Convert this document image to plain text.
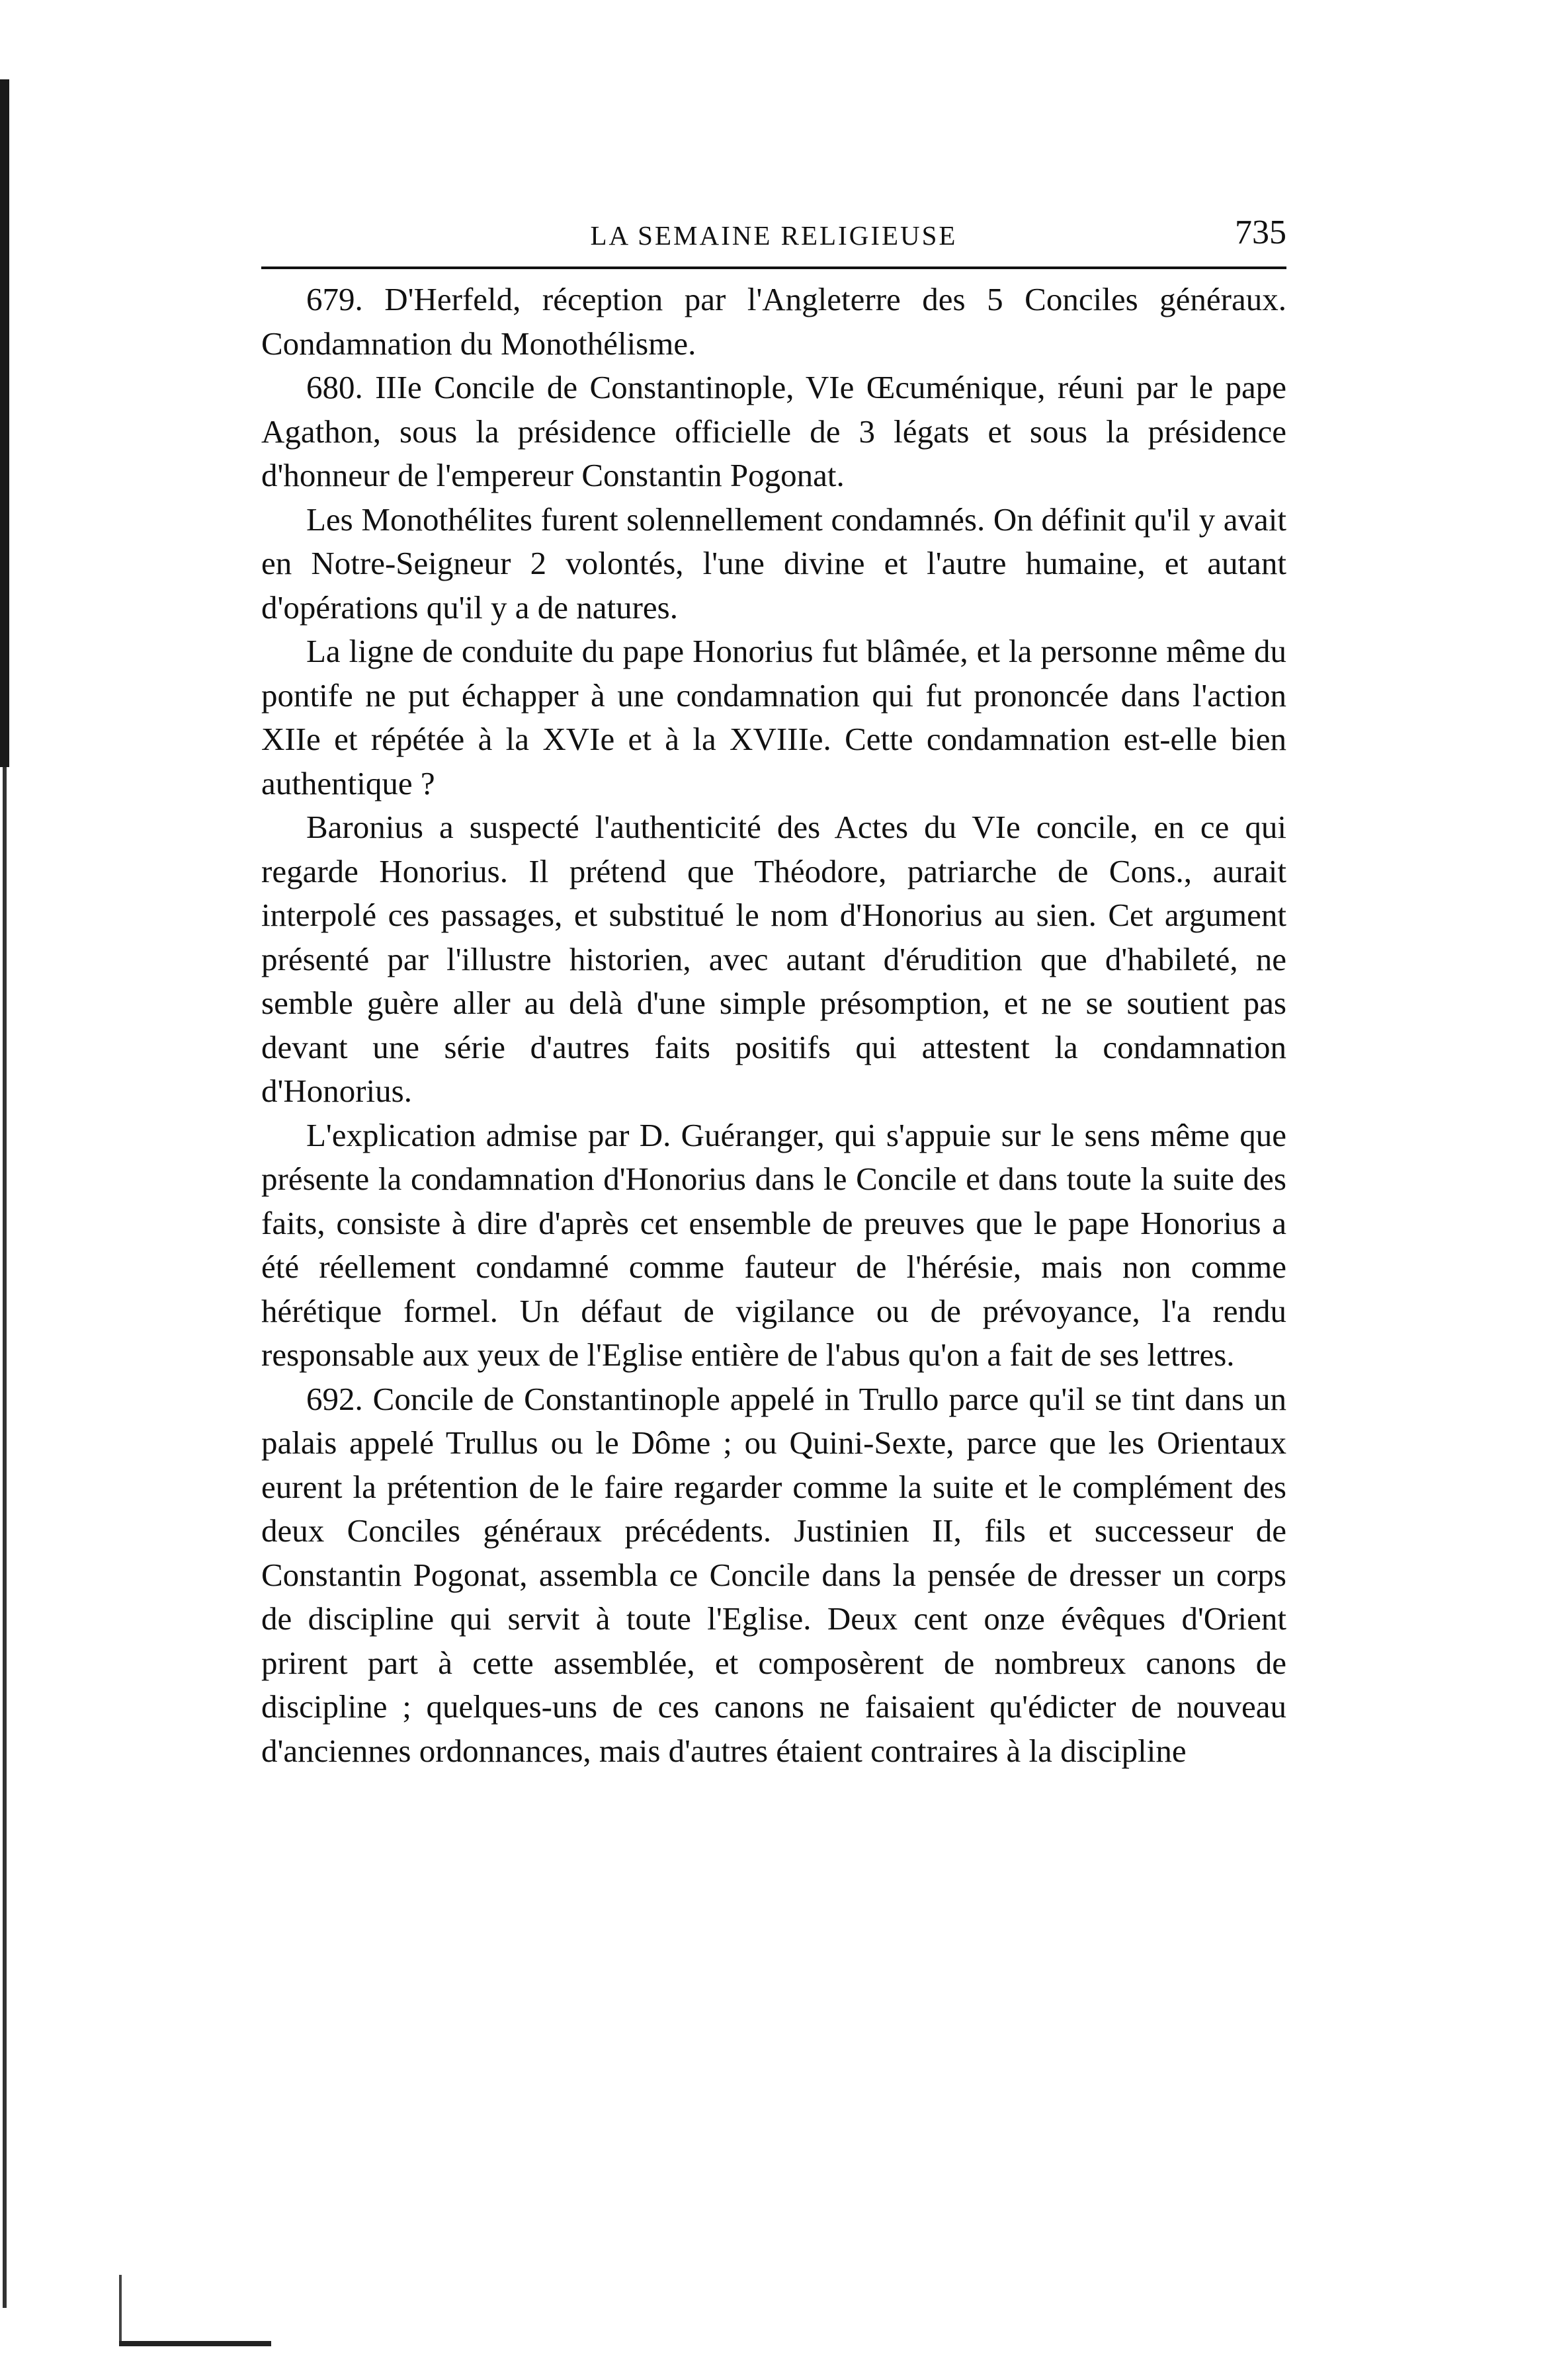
LA SEMAINE RELIGIEUSE	735

679. D'Herfeld, réception par l'Angleterre des 5 Conciles généraux. Condamnation du Monothélisme.

680. IIIe Concile de Constantinople, VIe Œcuménique, réuni par le pape Agathon, sous la présidence officielle de 3 légats et sous la présidence d'honneur de l'empereur Constantin Pogonat.

Les Monothélites furent solennellement condamnés. On définit qu'il y avait en Notre-Seigneur 2 volontés, l'une divine et l'autre humaine, et autant d'opérations qu'il y a de natures.

La ligne de conduite du pape Honorius fut blâmée, et la personne même du pontife ne put échapper à une condamnation qui fut prononcée dans l'action XIIe et répétée à la XVIe et à la XVIIIe. Cette condamnation est-elle bien authentique ?

Baronius a suspecté l'authenticité des Actes du VIe concile, en ce qui regarde Honorius. Il prétend que Théodore, patriarche de Cons., aurait interpolé ces passages, et substitué le nom d'Honorius au sien. Cet argument présenté par l'illustre historien, avec autant d'érudition que d'habileté, ne semble guère aller au delà d'une simple présomption, et ne se soutient pas devant une série d'autres faits positifs qui attestent la condamnation d'Honorius.

L'explication admise par D. Guéranger, qui s'appuie sur le sens même que présente la condamnation d'Honorius dans le Concile et dans toute la suite des faits, consiste à dire d'après cet ensemble de preuves que le pape Honorius a été réellement condamné comme fauteur de l'hérésie, mais non comme hérétique formel. Un défaut de vigilance ou de prévoyance, l'a rendu responsable aux yeux de l'Eglise entière de l'abus qu'on a fait de ses lettres.

692. Concile de Constantinople appelé in Trullo parce qu'il se tint dans un palais appelé Trullus ou le Dôme ; ou Quini-Sexte, parce que les Orientaux eurent la prétention de le faire regarder comme la suite et le complément des deux Conciles généraux précédents. Justinien II, fils et successeur de Constantin Pogonat, assembla ce Concile dans la pensée de dresser un corps de discipline qui servit à toute l'Eglise. Deux cent onze évêques d'Orient prirent part à cette assemblée, et composèrent de nombreux canons de discipline ; quelques-uns de ces canons ne faisaient qu'édicter de nouveau d'anciennes ordonnances, mais d'autres étaient contraires à la discipline
